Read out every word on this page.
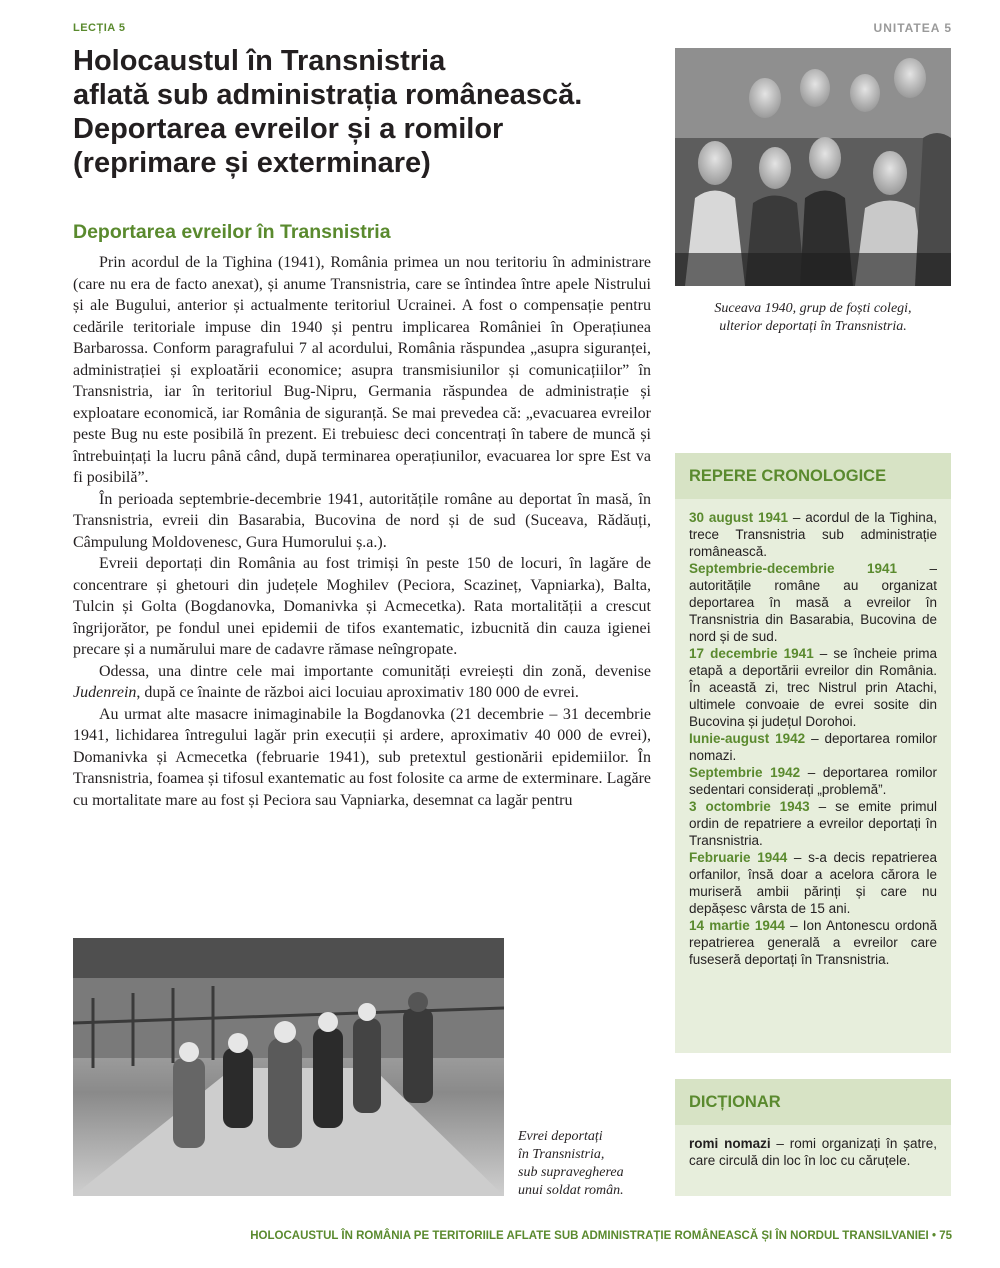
LECȚIA 5	UNITATEA 5
Holocaustul în Transnistria
aflată sub administrația românească.
Deportarea evreilor și a romilor
(reprimare și exterminare)
Deportarea evreilor în Transnistria

Prin acordul de la Tighina (1941), România primea un nou teritoriu în administrare (care nu era de facto anexat), și anume Transnistria, care se întindea între apele Nistrului și ale Bugului, anterior și actualmente teritoriul Ucrainei. A fost o compensație pentru cedările teritoriale impuse din 1940 și pentru implicarea României în Operațiunea Barbarossa. Conform paragrafului 7 al acordului, România răspundea „asupra siguranței, administrației și exploatării economice; asupra transmisiunilor și comunicațiilor” în Transnistria, iar în teritoriul Bug-Nipru, Germania răspundea de administrație și exploatare economică, iar România de siguranță. Se mai prevedea că: „evacuarea evreilor peste Bug nu este posibilă în prezent. Ei trebuiesc deci concentrați în tabere de muncă și întrebuințați la lucru până când, după terminarea operațiunilor, evacuarea lor spre Est va fi posibilă”.

În perioada septembrie-decembrie 1941, autoritățile române au deportat în masă, în Transnistria, evreii din Basarabia, Bucovina de nord și de sud (Suceava, Rădăuți, Câmpulung Moldovenesc, Gura Humorului ș.a.).

Evreii deportați din România au fost trimiși în peste 150 de locuri, în lagăre de concentrare și ghetouri din județele Moghilev (Peciora, Scazineț, Vapniarka), Balta, Tulcin și Golta (Bogdanovka, Domanivka și Acmecetka). Rata mortalității a crescut îngrijorător, pe fondul unei epidemii de tifos exantematic, izbucnită din cauza igienei precare și a numărului mare de cadavre rămase neîngropate.

Odessa, una dintre cele mai importante comunități evreiești din zonă, devenise Judenrein, după ce înainte de război aici locuiau aproximativ 180 000 de evrei.

Au urmat alte masacre inimaginabile la Bogdanovka (21 decembrie – 31 decembrie 1941, lichidarea întregului lagăr prin execuții și ardere, aproximativ 40 000 de evrei), Domanivka și Acmecetka (februarie 1941), sub pretextul gestionării epidemiilor. În Transnistria, foamea și tifosul exantematic au fost folosite ca arme de exterminare. Lagăre cu mortalitate mare au fost și Peciora sau Vapniarka, desemnat ca lagăr pentru

Suceava 1940, grup de foști colegi,
ulterior deportați în Transnistria.
REPERE CRONOLOGICE

30 august 1941 – acordul de la Tighina, trece Transnistria sub administrație românească.

Septembrie-decembrie 1941 – autoritățile române au organizat deportarea în masă a evreilor în Transnistria din Basarabia, Bucovina de nord și de sud.

17 decembrie 1941 – se încheie prima etapă a deportării evreilor din România. În această zi, trec Nistrul prin Atachi, ultimele convoaie de evrei sosite din Bucovina și județul Dorohoi.

Iunie-august 1942 – deportarea romilor nomazi.

Septembrie 1942 – deportarea romilor sedentari considerați „problemă”.

3 octombrie 1943 – se emite primul ordin de repatriere a evreilor deportați în Transnistria.

Februarie 1944 – s-a decis repatrierea orfanilor, însă doar a acelora cărora le muriseră ambii părinți și care nu depășesc vârsta de 15 ani.

14 martie 1944 – Ion Antonescu ordonă repatrierea generală a evreilor care fuseseră deportați în Transnistria.

Evrei deportați
în Transnistria,
sub supravegherea
unui soldat român.
DICȚIONAR

romi nomazi – romi organizați în șatre, care circulă din loc în loc cu căruțele.

HOLOCAUSTUL ÎN ROMÂNIA PE TERITORIILE AFLATE SUB ADMINISTRAȚIE ROMÂNEASCĂ ȘI ÎN NORDUL TRANSILVANIEI • 75
